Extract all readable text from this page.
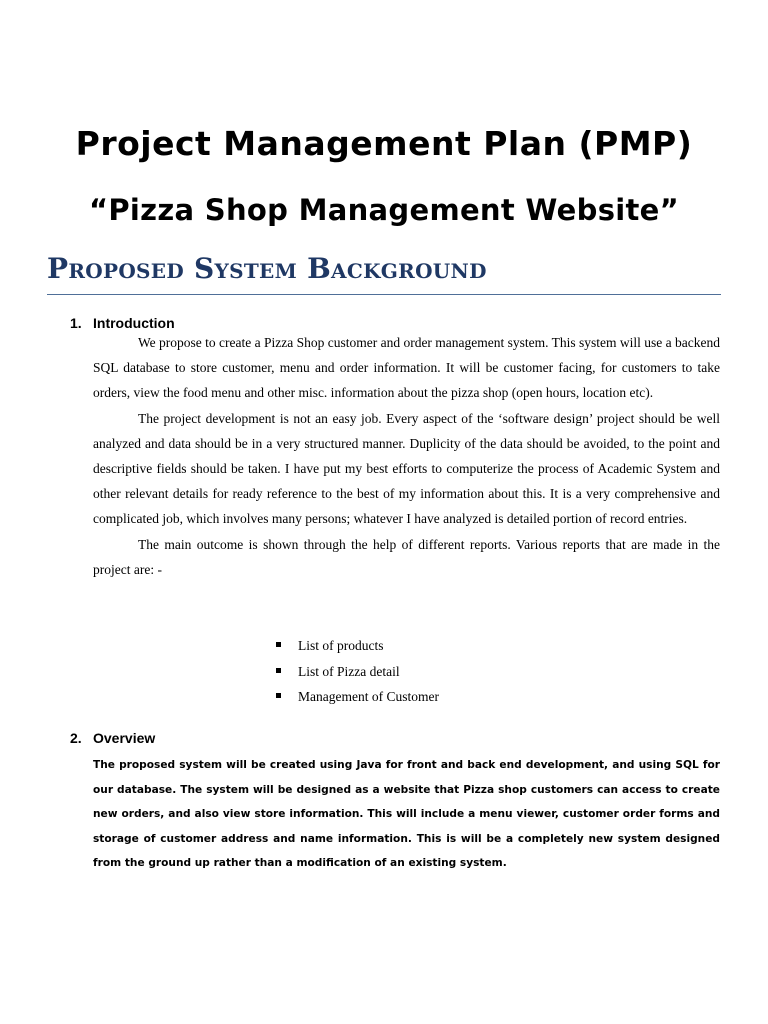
Project Management Plan (PMP)
“Pizza Shop Management Website”
Proposed System Background
1. Introduction

We propose to create a Pizza Shop customer and order management system. This system will use a backend SQL database to store customer, menu and order information. It will be customer facing, for customers to take orders, view the food menu and other misc. information about the pizza shop (open hours, location etc).

The project development is not an easy job. Every aspect of the ‘software design’ project should be well analyzed and data should be in a very structured manner. Duplicity of the data should be avoided, to the point and descriptive fields should be taken. I have put my best efforts to computerize the process of Academic System and other relevant details for ready reference to the best of my information about this. It is a very comprehensive and complicated job, which involves many persons; whatever I have analyzed is detailed portion of record entries.

The main outcome is shown through the help of different reports. Various reports that are made in the project are: -

List of products
List of Pizza detail
Management of Customer
2. Overview

The proposed system will be created using Java for front and back end development, and using SQL for our database. The system will be designed as a website that Pizza shop customers can access to create new orders, and also view store information. This will include a menu viewer, customer order forms and storage of customer address and name information. This is will be a completely new system designed from the ground up rather than a modification of an existing system.
